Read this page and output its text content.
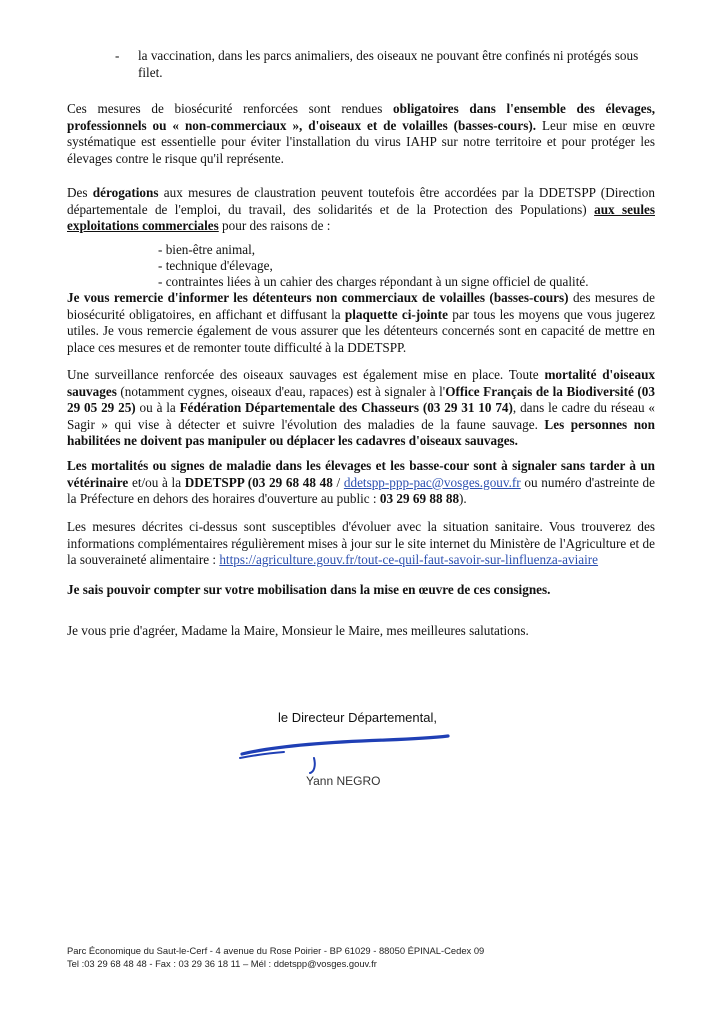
-	la vaccination, dans les parcs animaliers, des oiseaux ne pouvant être confinés ni protégés sous filet.

Ces mesures de biosécurité renforcées sont rendues obligatoires dans l'ensemble des élevages, professionnels ou « non-commerciaux », d'oiseaux et de volailles (basses-cours). Leur mise en œuvre systématique est essentielle pour éviter l'installation du virus IAHP sur notre territoire et pour protéger les élevages contre le risque qu'il représente.

Des dérogations aux mesures de claustration peuvent toutefois être accordées par la DDETSPP (Direction départementale de l'emploi, du travail, des solidarités et de la Protection des Populations) aux seules exploitations commerciales pour des raisons de :

- bien-être animal,
- technique d'élevage,
- contraintes liées à un cahier des charges répondant à un signe officiel de qualité.

Je vous remercie d'informer les détenteurs non commerciaux de volailles (basses-cours) des mesures de biosécurité obligatoires, en affichant et diffusant la plaquette ci-jointe par tous les moyens que vous jugerez utiles. Je vous remercie également de vous assurer que les détenteurs concernés sont en capacité de mettre en place ces mesures et de remonter toute difficulté à la DDETSPP.

Une surveillance renforcée des oiseaux sauvages est également mise en place. Toute mortalité d'oiseaux sauvages (notamment cygnes, oiseaux d'eau, rapaces) est à signaler à l'Office Français de la Biodiversité (03 29 05 29 25) ou à la Fédération Départementale des Chasseurs (03 29 31 10 74), dans le cadre du réseau « Sagir » qui vise à détecter et suivre l'évolution des maladies de la faune sauvage. Les personnes non habilitées ne doivent pas manipuler ou déplacer les cadavres d'oiseaux sauvages.

Les mortalités ou signes de maladie dans les élevages et les basse-cour sont à signaler sans tarder à un vétérinaire et/ou à la DDETSPP (03 29 68 48 48 / ddetspp-ppp-pac@vosges.gouv.fr ou numéro d'astreinte de la Préfecture en dehors des horaires d'ouverture au public : 03 29 69 88 88).

Les mesures décrites ci-dessus sont susceptibles d'évoluer avec la situation sanitaire. Vous trouverez des informations complémentaires régulièrement mises à jour sur le site internet du Ministère de l'Agriculture et de la souveraineté alimentaire : https://agriculture.gouv.fr/tout-ce-quil-faut-savoir-sur-linfluenza-aviaire

Je sais pouvoir compter sur votre mobilisation dans la mise en œuvre de ces consignes.

Je vous prie d'agréer, Madame la Maire, Monsieur le Maire, mes meilleures salutations.

le Directeur Départemental,
Yann NEGRO
Parc Économique du Saut-le-Cerf - 4 avenue du Rose Poirier - BP 61029 - 88050 ÉPINAL-Cedex 09
Tel :03 29 68 48 48 - Fax : 03 29 36 18 11 – Mél : ddetspp@vosges.gouv.fr
